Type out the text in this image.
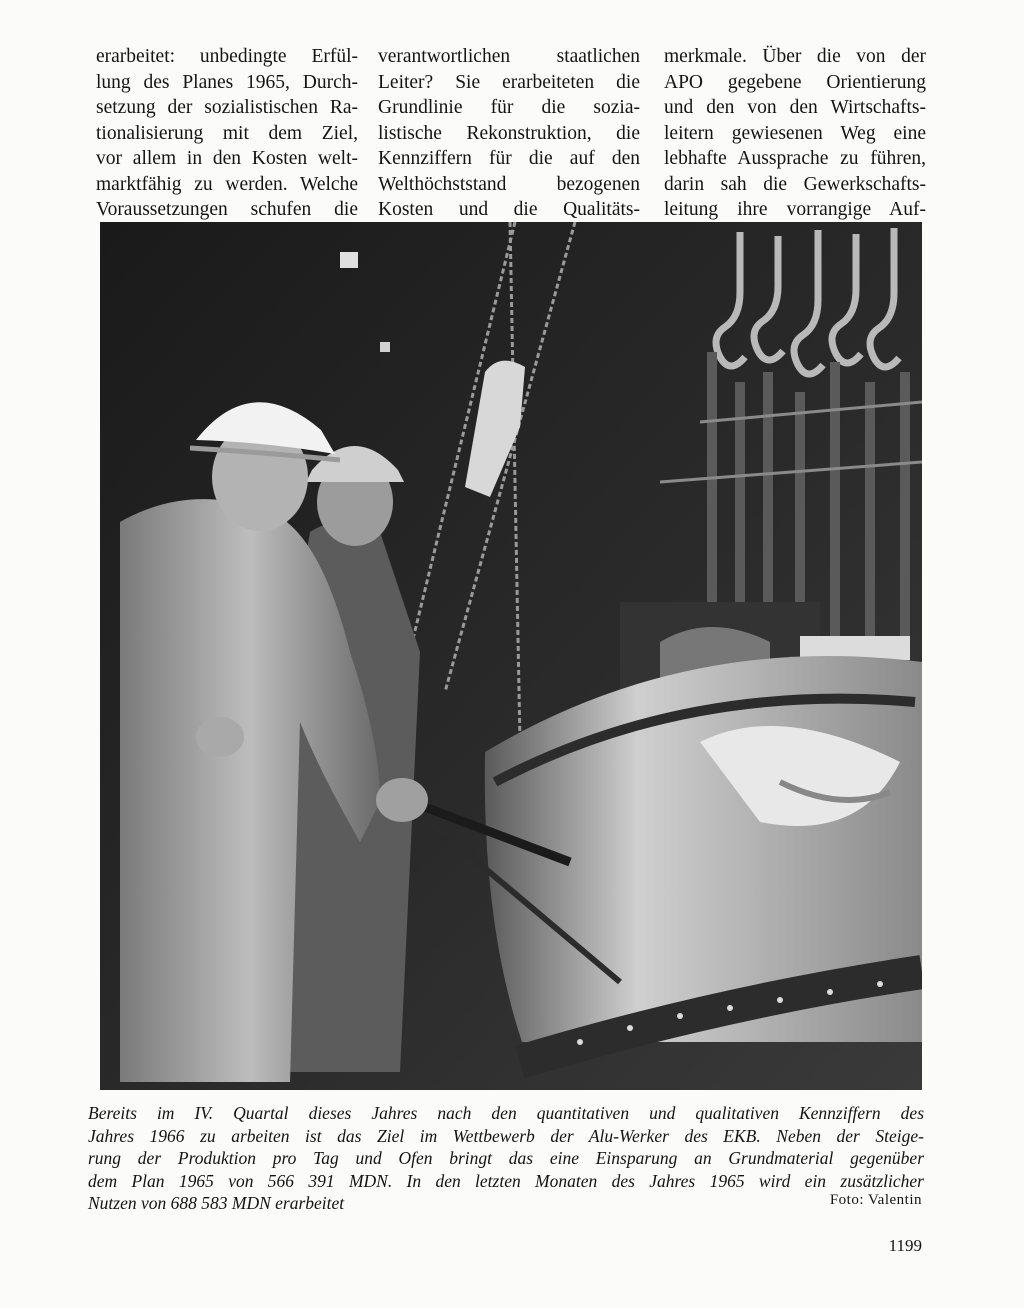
erarbeitet: unbedingte Erfül-
lung des Planes 1965, Durch-
setzung der sozialistischen Ra-
tionalisierung mit dem Ziel,
vor allem in den Kosten welt-
marktfähig zu werden. Welche
Voraussetzungen schufen die
verantwortlichen staatlichen
Leiter? Sie erarbeiteten die
Grundlinie für die sozia-
listische Rekonstruktion, die
Kennziffern für die auf den
Welthöchststand bezogenen
Kosten und die Qualitäts-
merkmale. Über die von der
APO gegebene Orientierung
und den von den Wirtschafts-
leitern gewiesenen Weg eine
lebhafte Aussprache zu führen,
darin sah die Gewerkschafts-
leitung ihre vorrangige Auf-
Bereits im IV. Quartal dieses Jahres nach den quantitativen und qualitativen Kennziffern des
Jahres 1966 zu arbeiten ist das Ziel im Wettbewerb der Alu-Werker des EKB. Neben der Steige-
rung der Produktion pro Tag und Ofen bringt das eine Einsparung an Grundmaterial gegenüber
dem Plan 1965 von 566 391 MDN. In den letzten Monaten des Jahres 1965 wird ein zusätzlicher
Nutzen von 688 583 MDN erarbeitet	Foto: Valentin
1199
